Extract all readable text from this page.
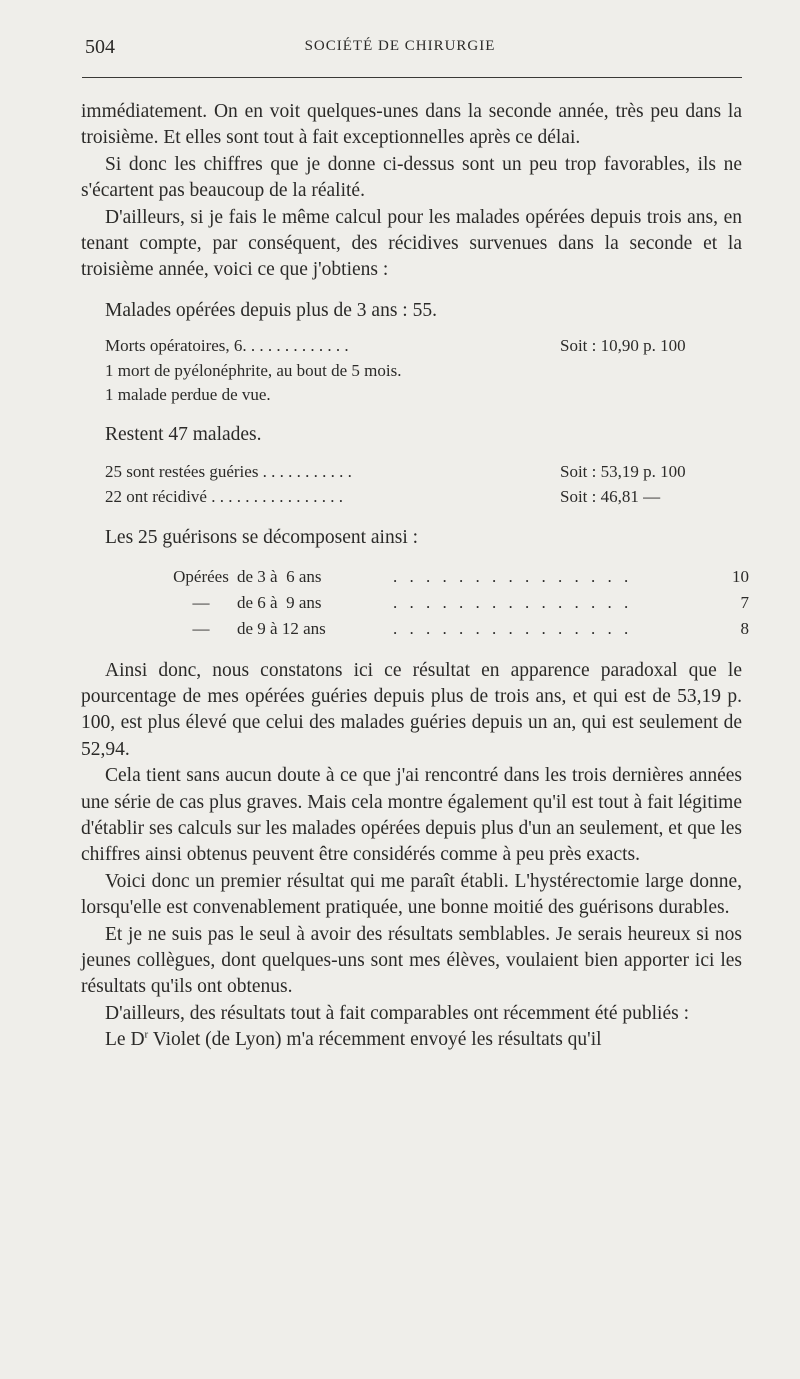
504	SOCIÉTÉ DE CHIRURGIE

immédiatement. On en voit quelques-unes dans la seconde année, très peu dans la troisième. Et elles sont tout à fait exceptionnelles après ce délai.

Si donc les chiffres que je donne ci-dessus sont un peu trop favorables, ils ne s'écartent pas beaucoup de la réalité.

D'ailleurs, si je fais le même calcul pour les malades opérées depuis trois ans, en tenant compte, par conséquent, des récidives survenues dans la seconde et la troisième année, voici ce que j'obtiens :

Malades opérées depuis plus de 3 ans : 55.
Morts opératoires, 6. . . . . . . . . . . . .	Soit : 10,90 p. 100
1 mort de pyélonéphrite, au bout de 5 mois.
1 malade perdue de vue.
Restent 47 malades.
25 sont restées guéries . . . . . . . . . . .	Soit : 53,19 p. 100
22 ont récidivé . . . . . . . . . . . . . . . .	Soit : 46,81 —
Les 25 guérisons se décomposent ainsi :
Opérées de 3 à  6 ans	. . . . . . . . . . . . . . .	10
—	de 6 à  9 ans	. . . . . . . . . . . . . . .	7
—	de 9 à 12 ans	. . . . . . . . . . . . . . .	8

Ainsi donc, nous constatons ici ce résultat en apparence paradoxal que le pourcentage de mes opérées guéries depuis plus de trois ans, et qui est de 53,19 p. 100, est plus élevé que celui des malades guéries depuis un an, qui est seulement de 52,94.

Cela tient sans aucun doute à ce que j'ai rencontré dans les trois dernières années une série de cas plus graves. Mais cela montre également qu'il est tout à fait légitime d'établir ses calculs sur les malades opérées depuis plus d'un an seulement, et que les chiffres ainsi obtenus peuvent être considérés comme à peu près exacts.

Voici donc un premier résultat qui me paraît établi. L'hystérectomie large donne, lorsqu'elle est convenablement pratiquée, une bonne moitié des guérisons durables.

Et je ne suis pas le seul à avoir des résultats semblables. Je serais heureux si nos jeunes collègues, dont quelques-uns sont mes élèves, voulaient bien apporter ici les résultats qu'ils ont obtenus.

D'ailleurs, des résultats tout à fait comparables ont récemment été publiés :

Le $D^r$ Violet (de Lyon) m'a récemment envoyé les résultats qu'il
